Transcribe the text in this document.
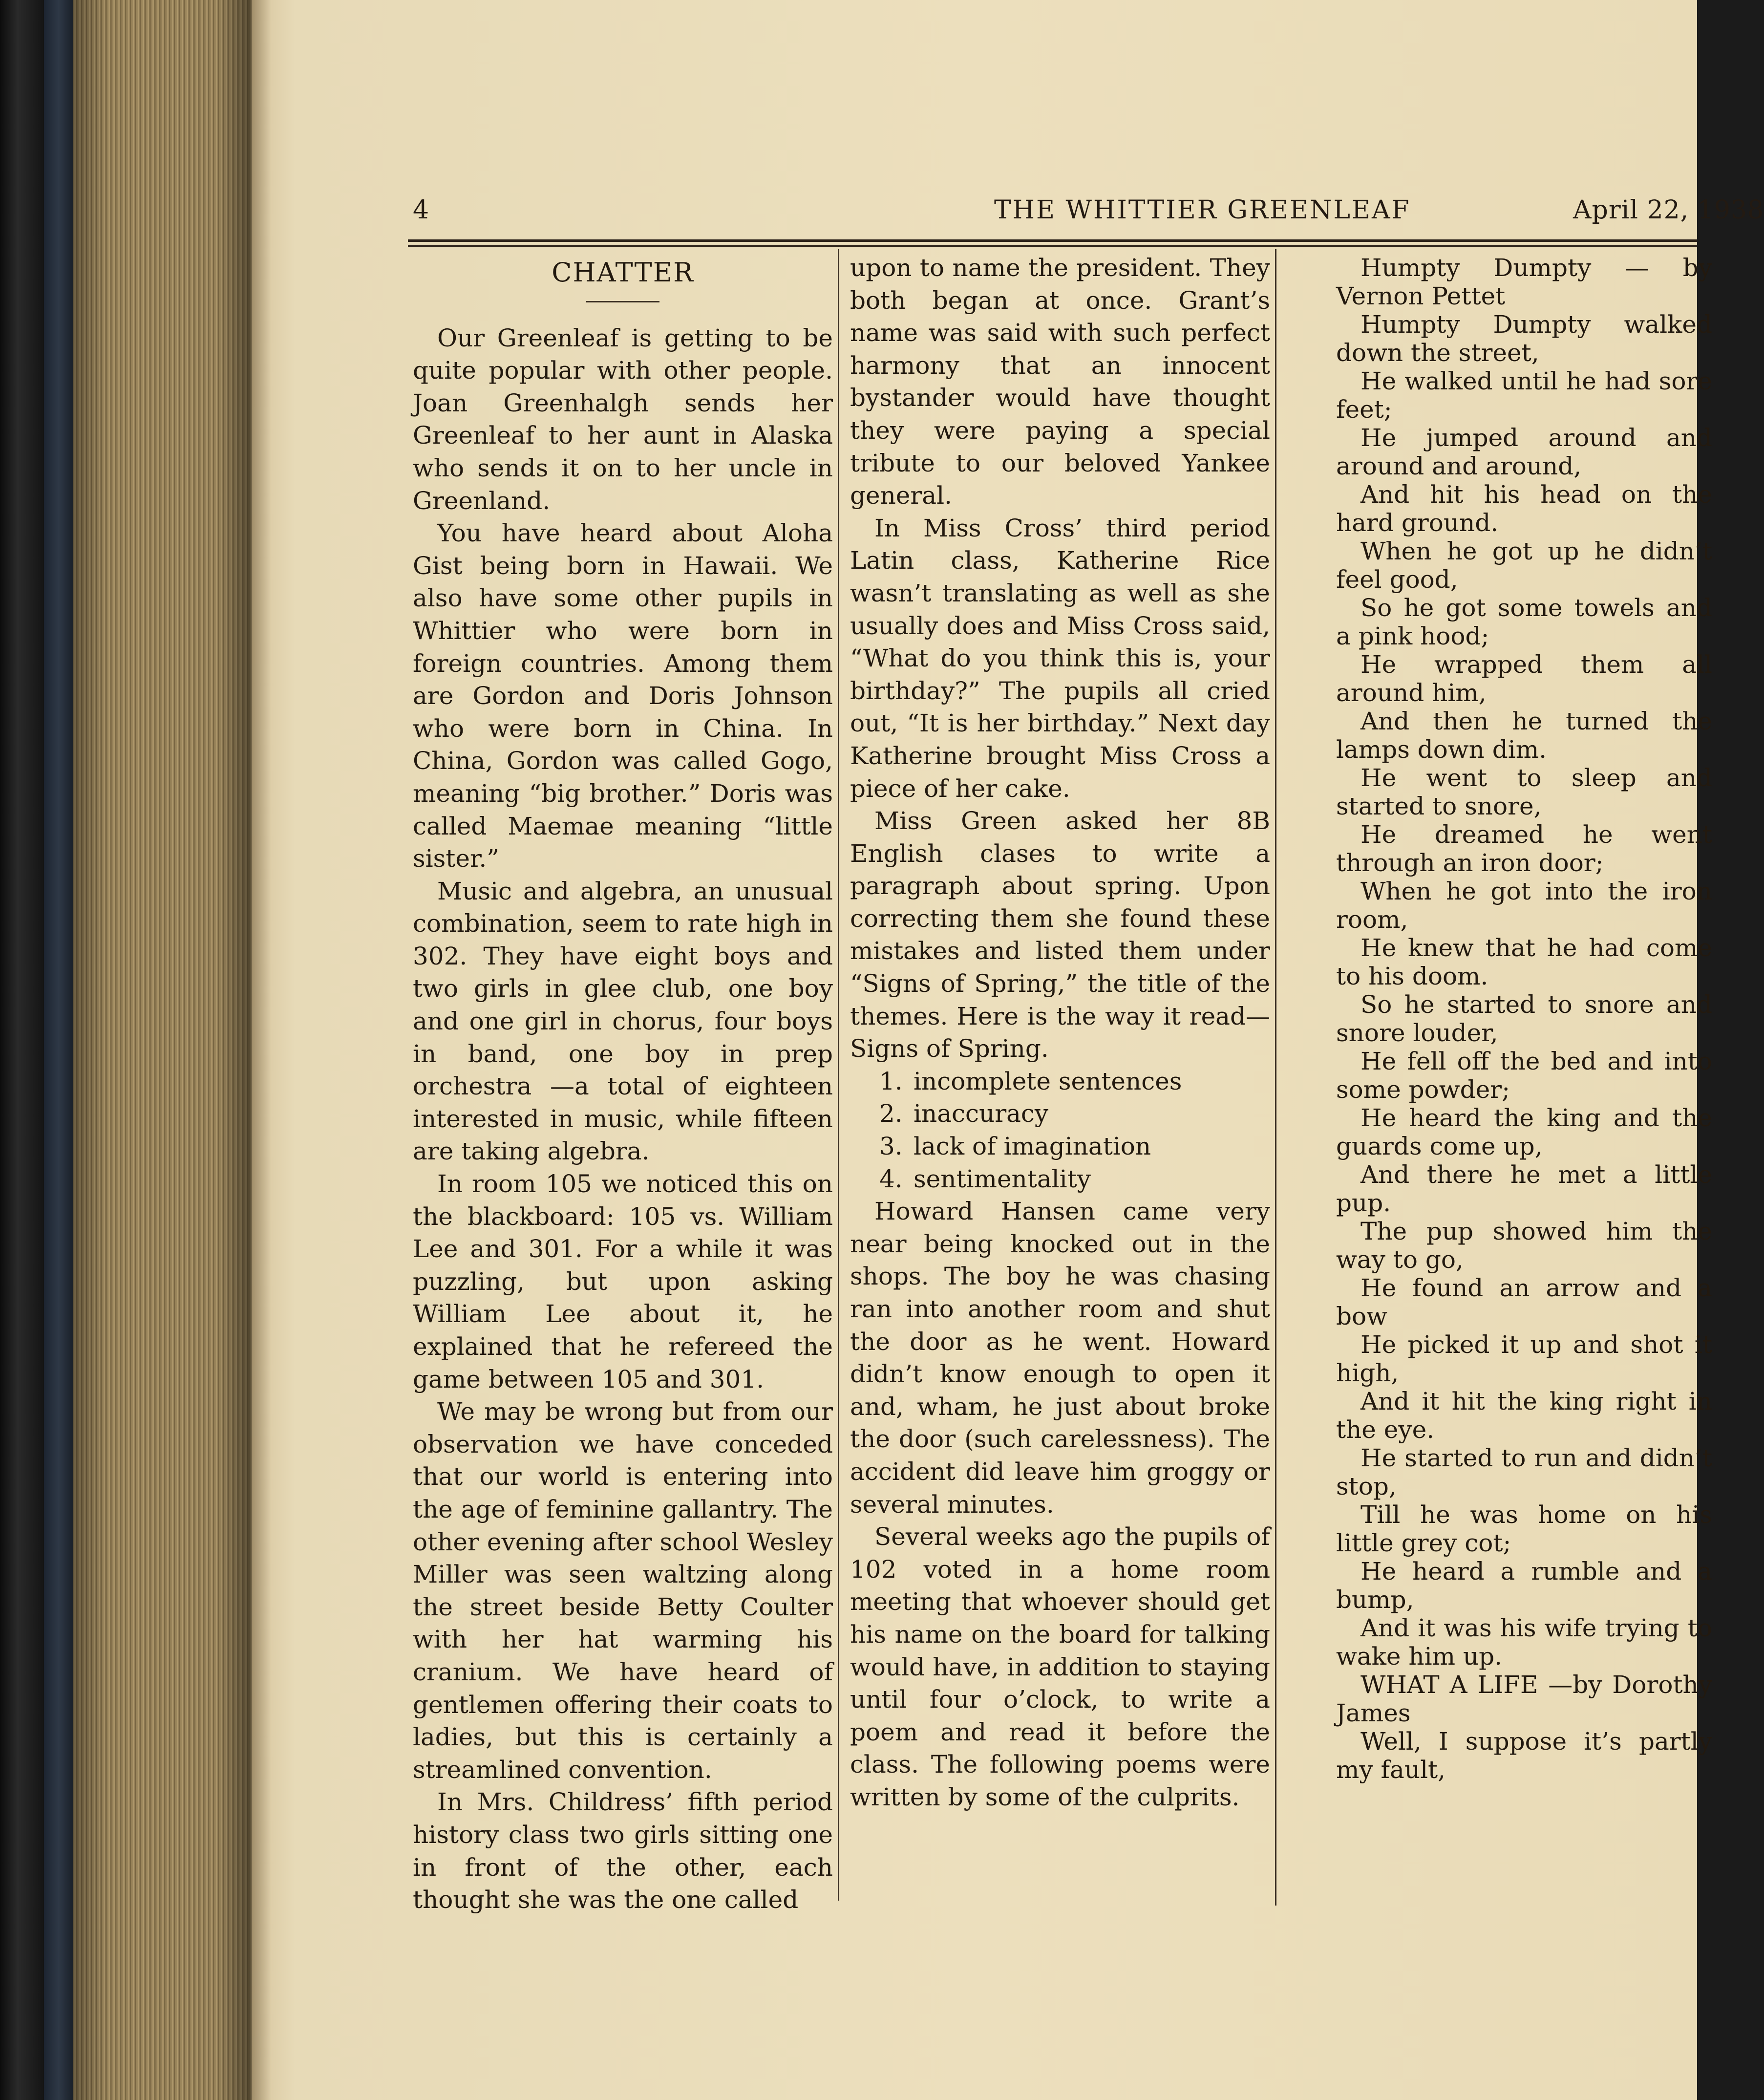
4	THE WHITTIER GREENLEAF	April 22, 1938
CHATTER

Our Greenleaf is getting to be quite popular with other people. Joan Greenhalgh sends her Greenleaf to her aunt in Alaska who sends it on to her uncle in Greenland.

You have heard about Aloha Gist being born in Hawaii. We also have some other pupils in Whittier who were born in foreign countries. Among them are Gordon and Doris Johnson who were born in China. In China, Gordon was called Gogo, meaning “big brother.” Doris was called Maemae meaning “little sister.”

Music and algebra, an unusual combination, seem to rate high in 302. They have eight boys and two girls in glee club, one boy and one girl in chorus, four boys in band, one boy in prep orchestra —a total of eighteen interested in music, while fifteen are taking algebra.

In room 105 we noticed this on the blackboard: 105 vs. William Lee and 301. For a while it was puzzling, but upon asking William Lee about it, he explained that he refereed the game between 105 and 301.

We may be wrong but from our observation we have conceded that our world is entering into the age of feminine gallantry. The other evening after school Wesley Miller was seen waltzing along the street beside Betty Coulter with her hat warming his cranium. We have heard of gentlemen offering their coats to ladies, but this is certainly a streamlined convention.

In Mrs. Childress’ fifth period history class two girls sitting one in front of the other, each thought she was the one called

upon to name the president. They both began at once. Grant’s name was said with such perfect harmony that an innocent bystander would have thought they were paying a special tribute to our beloved Yankee general.

In Miss Cross’ third period Latin class, Katherine Rice wasn’t translating as well as she usually does and Miss Cross said, “What do you think this is, your birthday?” The pupils all cried out, “It is her birthday.” Next day Katherine brought Miss Cross a piece of her cake.

Miss Green asked her 8B English clases to write a paragraph about spring. Upon correcting them she found these mistakes and listed them under “Signs of Spring,” the title of the themes. Here is the way it read—Signs of Spring.

1. incomplete sentences
2. inaccuracy
3. lack of imagination
4. sentimentality

Howard Hansen came very near being knocked out in the shops. The boy he was chasing ran into another room and shut the door as he went. Howard didn’t know enough to open it and, wham, he just about broke the door (such carelessness). The accident did leave him groggy or several minutes.

Several weeks ago the pupils of 102 voted in a home room meeting that whoever should get his name on the board for talking would have, in addition to staying until four o’clock, to write a poem and read it before the class. The following poems were written by some of the culprits.

Humpty Dumpty — by Vernon Pettet

Humpty Dumpty walked down the street,

He walked until he had sore feet;

He jumped around and around and around,

And hit his head on the hard ground.

When he got up he didn’t feel good,

So he got some towels and a pink hood;

He wrapped them all around him,

And then he turned the lamps down dim.

He went to sleep and started to snore,

He dreamed he went through an iron door;

When he got into the iron room,

He knew that he had come to his doom.

So he started to snore and snore louder,

He fell off the bed and into some powder;

He heard the king and the guards come up,

And there he met a little pup.

The pup showed him the way to go,

He found an arrow and a bow

He picked it up and shot it high,

And it hit the king right in the eye.

He started to run and didn’t stop,

Till he was home on his little grey cot;

He heard a rumble and a bump,

And it was his wife trying to wake him up.

WHAT A LIFE —by Dorothy James

Well, I suppose it’s partly my fault,
